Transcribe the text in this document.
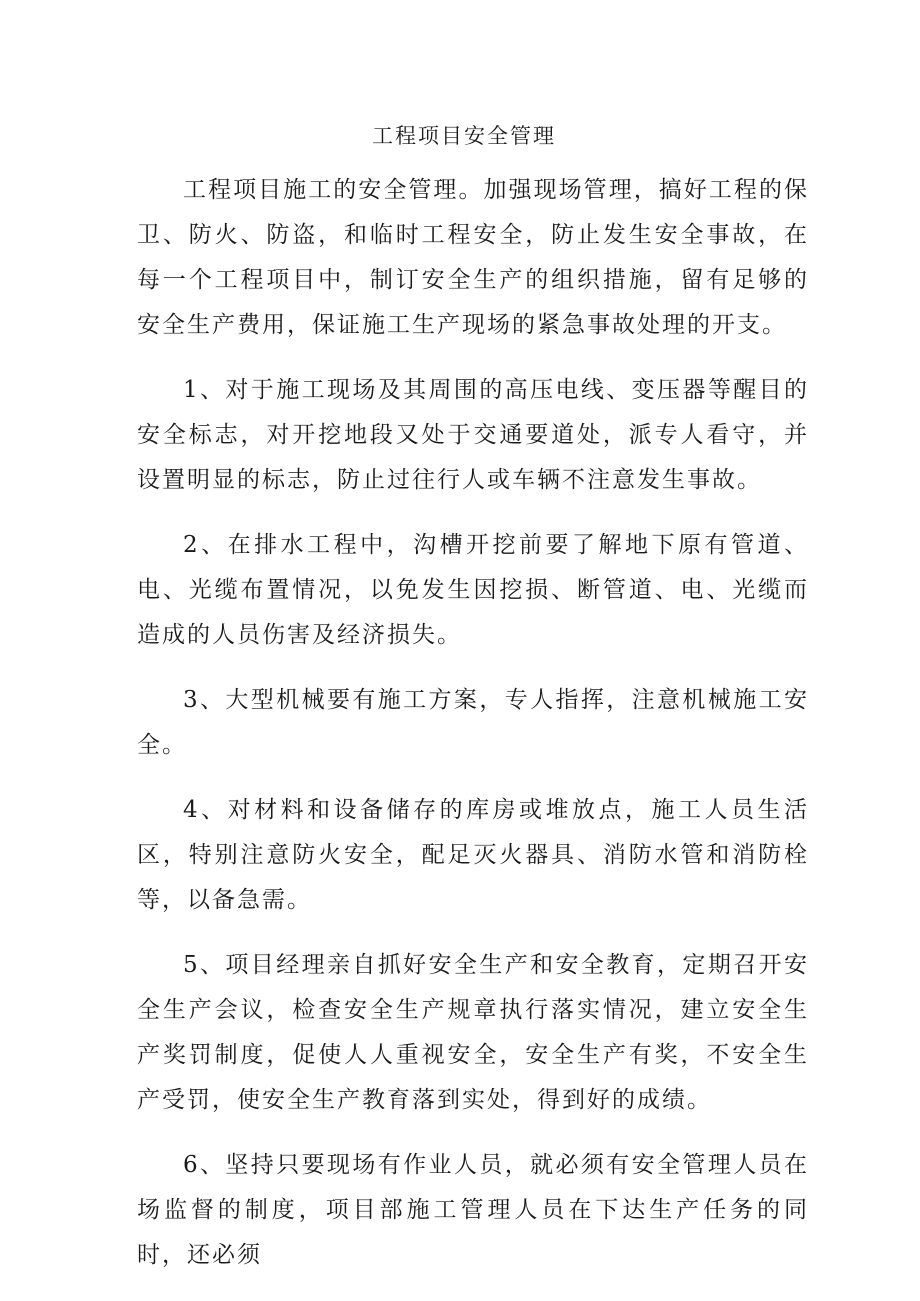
工程项目安全管理

工程项目施工的安全管理。加强现场管理，搞好工程的保卫、防火、防盗，和临时工程安全，防止发生安全事故，在每一个工程项目中，制订安全生产的组织措施，留有足够的安全生产费用，保证施工生产现场的紧急事故处理的开支。

1、对于施工现场及其周围的高压电线、变压器等醒目的安全标志，对开挖地段又处于交通要道处，派专人看守，并设置明显的标志，防止过往行人或车辆不注意发生事故。

2、在排水工程中，沟槽开挖前要了解地下原有管道、电、光缆布置情况，以免发生因挖损、断管道、电、光缆而造成的人员伤害及经济损失。

3、大型机械要有施工方案，专人指挥，注意机械施工安全。

4、对材料和设备储存的库房或堆放点，施工人员生活区，特别注意防火安全，配足灭火器具、消防水管和消防栓等，以备急需。

5、项目经理亲自抓好安全生产和安全教育，定期召开安全生产会议，检查安全生产规章执行落实情况，建立安全生产奖罚制度，促使人人重视安全，安全生产有奖，不安全生产受罚，使安全生产教育落到实处，得到好的成绩。

6、坚持只要现场有作业人员，就必须有安全管理人员在场监督的制度，项目部施工管理人员在下达生产任务的同时，还必须
